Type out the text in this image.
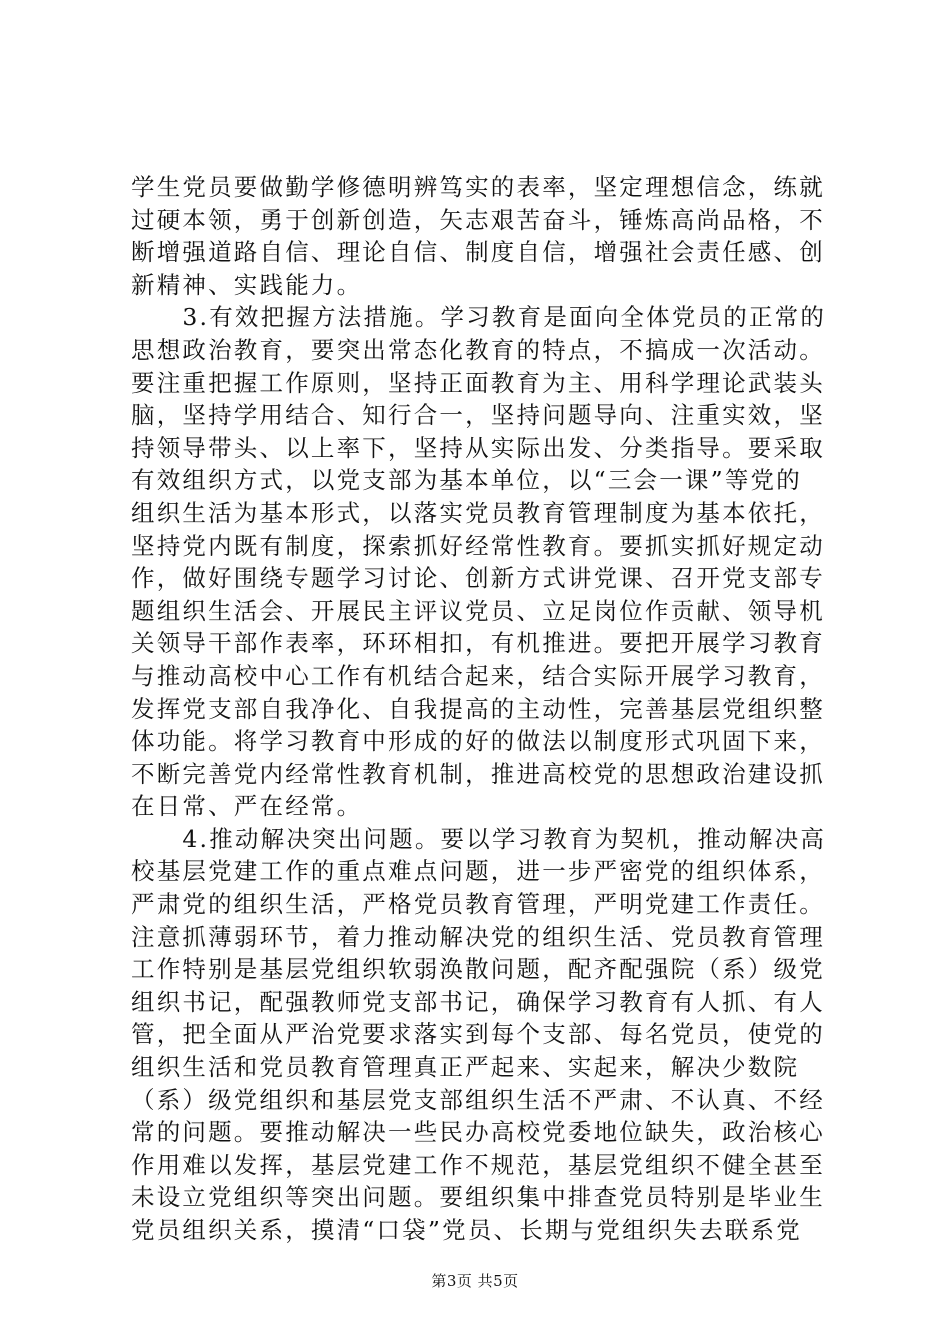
学生党员要做勤学修德明辨笃实的表率，坚定理想信念，练就
过硬本领，勇于创新创造，矢志艰苦奋斗，锤炼高尚品格，不
断增强道路自信、理论自信、制度自信，增强社会责任感、创
新精神、实践能力。
　　3.有效把握方法措施。学习教育是面向全体党员的正常的
思想政治教育，要突出常态化教育的特点，不搞成一次活动。
要注重把握工作原则，坚持正面教育为主、用科学理论武装头
脑，坚持学用结合、知行合一，坚持问题导向、注重实效，坚
持领导带头、以上率下，坚持从实际出发、分类指导。要采取
有效组织方式，以党支部为基本单位，以“三会一课”等党的
组织生活为基本形式，以落实党员教育管理制度为基本依托，
坚持党内既有制度，探索抓好经常性教育。要抓实抓好规定动
作，做好围绕专题学习讨论、创新方式讲党课、召开党支部专
题组织生活会、开展民主评议党员、立足岗位作贡献、领导机
关领导干部作表率，环环相扣，有机推进。要把开展学习教育
与推动高校中心工作有机结合起来，结合实际开展学习教育，
发挥党支部自我净化、自我提高的主动性，完善基层党组织整
体功能。将学习教育中形成的好的做法以制度形式巩固下来，
不断完善党内经常性教育机制，推进高校党的思想政治建设抓
在日常、严在经常。
　　4.推动解决突出问题。要以学习教育为契机，推动解决高
校基层党建工作的重点难点问题，进一步严密党的组织体系，
严肃党的组织生活，严格党员教育管理，严明党建工作责任。
注意抓薄弱环节，着力推动解决党的组织生活、党员教育管理
工作特别是基层党组织软弱涣散问题，配齐配强院（系）级党
组织书记，配强教师党支部书记，确保学习教育有人抓、有人
管，把全面从严治党要求落实到每个支部、每名党员，使党的
组织生活和党员教育管理真正严起来、实起来，解决少数院
（系）级党组织和基层党支部组织生活不严肃、不认真、不经
常的问题。要推动解决一些民办高校党委地位缺失，政治核心
作用难以发挥，基层党建工作不规范，基层党组织不健全甚至
未设立党组织等突出问题。要组织集中排查党员特别是毕业生
党员组织关系，摸清“口袋”党员、长期与党组织失去联系党
第3页 共5页
